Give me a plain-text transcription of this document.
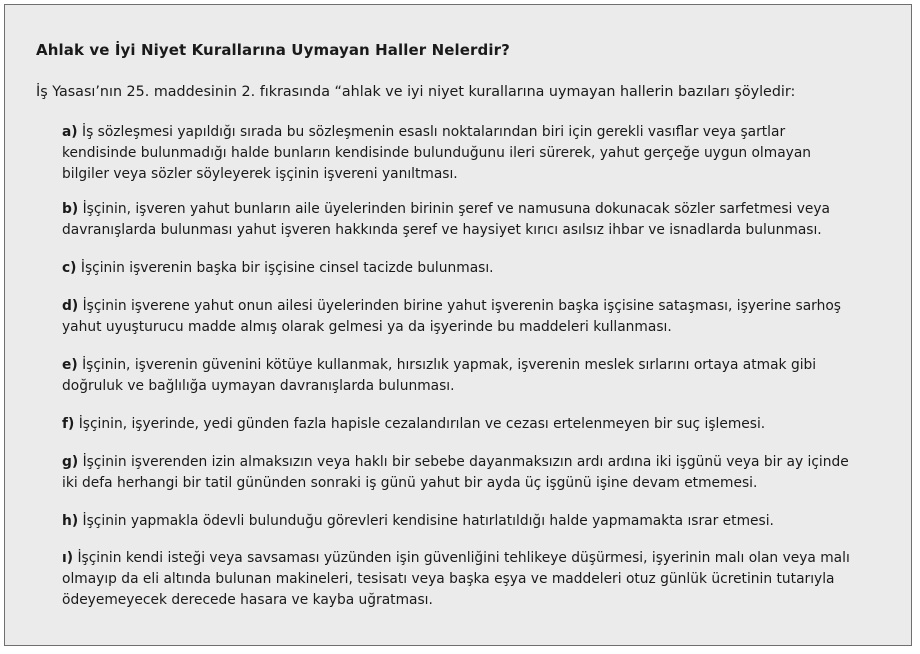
Ahlak ve İyi Niyet Kurallarına Uymayan Haller Nelerdir?

İş Yasası’nın 25. maddesinin 2. fıkrasında “ahlak ve iyi niyet kurallarına uymayan hallerin bazıları şöyledir:

a) İş sözleşmesi yapıldığı sırada bu sözleşmenin esaslı noktalarından biri için gerekli vasıflar veya şartlar
kendisinde bulunmadığı halde bunların kendisinde bulunduğunu ileri sürerek, yahut gerçeğe uygun olmayan
bilgiler veya sözler söyleyerek işçinin işvereni yanıltması.

b) İşçinin, işveren yahut bunların aile üyelerinden birinin şeref ve namusuna dokunacak sözler sarfetmesi veya
davranışlarda bulunması yahut işveren hakkında şeref ve haysiyet kırıcı asılsız ihbar ve isnadlarda bulunması.

c) İşçinin işverenin başka bir işçisine cinsel tacizde bulunması.

d) İşçinin işverene yahut onun ailesi üyelerinden birine yahut işverenin başka işçisine sataşması, işyerine sarhoş
yahut uyuşturucu madde almış olarak gelmesi ya da işyerinde bu maddeleri kullanması.

e) İşçinin, işverenin güvenini kötüye kullanmak, hırsızlık yapmak, işverenin meslek sırlarını ortaya atmak gibi
doğruluk ve bağlılığa uymayan davranışlarda bulunması.

f) İşçinin, işyerinde, yedi günden fazla hapisle cezalandırılan ve cezası ertelenmeyen bir suç işlemesi.

g) İşçinin işverenden izin almaksızın veya haklı bir sebebe dayanmaksızın ardı ardına iki işgünü veya bir ay içinde
iki defa herhangi bir tatil gününden sonraki iş günü yahut bir ayda üç işgünü işine devam etmemesi.

h) İşçinin yapmakla ödevli bulunduğu görevleri kendisine hatırlatıldığı halde yapmamakta ısrar etmesi.

ı) İşçinin kendi isteği veya savsaması yüzünden işin güvenliğini tehlikeye düşürmesi, işyerinin malı olan veya malı
olmayıp da eli altında bulunan makineleri, tesisatı veya başka eşya ve maddeleri otuz günlük ücretinin tutarıyla
ödeyemeyecek derecede hasara ve kayba uğratması.
